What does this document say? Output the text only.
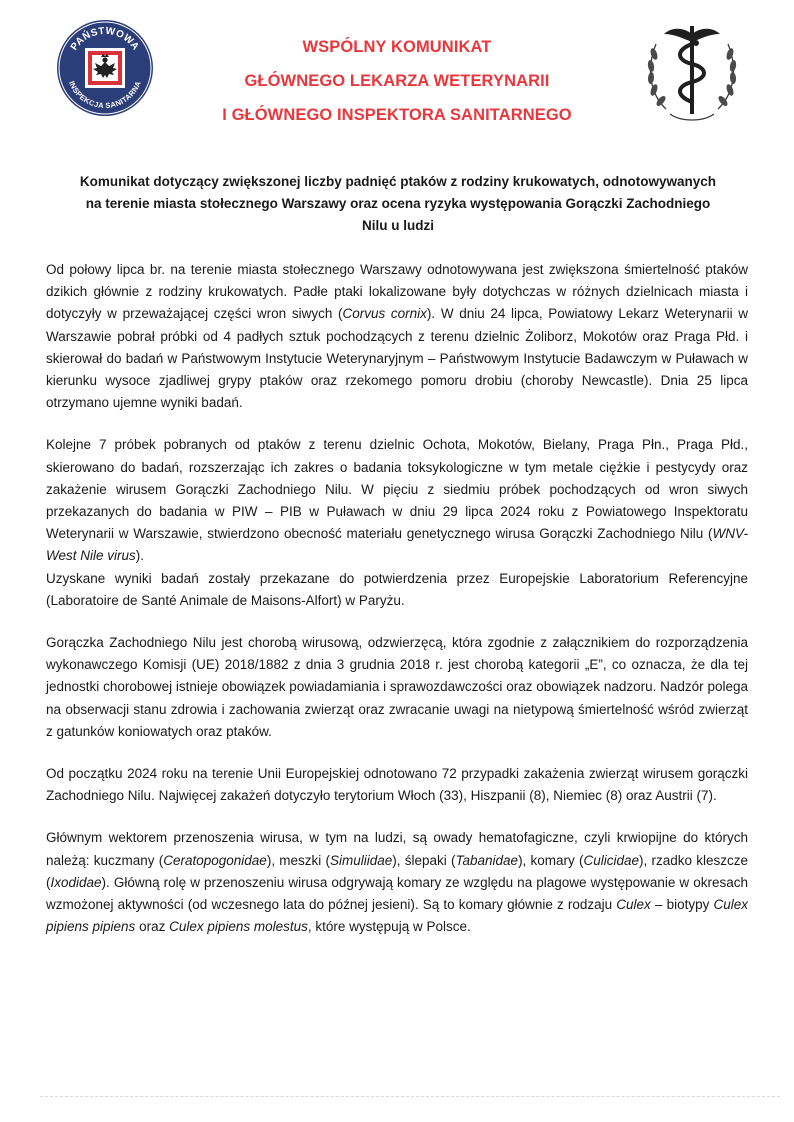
PAŃSTWOWA
INSPEKCJA SANITARNA
WSPÓLNY KOMUNIKAT
GŁÓWNEGO LEKARZA WETERYNARII
I GŁÓWNEGO INSPEKTORA SANITARNEGO
Komunikat dotyczący zwiększonej liczby padnięć ptaków z rodziny krukowatych, odnotowywanych
na terenie miasta stołecznego Warszawy oraz ocena ryzyka występowania Gorączki Zachodniego
Nilu u ludzi

Od połowy lipca br. na terenie miasta stołecznego Warszawy odnotowywana jest zwiększona śmiertelność ptaków dzikich głównie z rodziny krukowatych. Padłe ptaki lokalizowane były dotychczas w różnych dzielnicach miasta i dotyczyły w przeważającej części wron siwych (Corvus cornix). W dniu 24 lipca, Powiatowy Lekarz Weterynarii w Warszawie pobrał próbki od 4 padłych sztuk pochodzących z terenu dzielnic Żoliborz, Mokotów oraz Praga Płd. i skierował do badań w Państwowym Instytucie Weterynaryjnym – Państwowym Instytucie Badawczym w Puławach w kierunku wysoce zjadliwej grypy ptaków oraz rzekomego pomoru drobiu (choroby Newcastle). Dnia 25 lipca otrzymano ujemne wyniki badań.

Kolejne 7 próbek pobranych od ptaków z terenu dzielnic Ochota, Mokotów, Bielany, Praga Płn., Praga Płd., skierowano do badań, rozszerzając ich zakres o badania toksykologiczne w tym metale ciężkie i pestycydy oraz zakażenie wirusem Gorączki Zachodniego Nilu. W pięciu z siedmiu próbek pochodzących od wron siwych przekazanych do badania w PIW – PIB w Puławach w dniu 29 lipca 2024 roku z Powiatowego Inspektoratu Weterynarii w Warszawie, stwierdzono obecność materiału genetycznego wirusa Gorączki Zachodniego Nilu (WNV-West Nile virus).

Uzyskane wyniki badań zostały przekazane do potwierdzenia przez Europejskie Laboratorium Referencyjne (Laboratoire de Santé Animale de Maisons-Alfort) w Paryżu.

Gorączka Zachodniego Nilu jest chorobą wirusową, odzwierzęcą, która zgodnie z załącznikiem do rozporządzenia wykonawczego Komisji (UE) 2018/1882 z dnia 3 grudnia 2018 r. jest chorobą kategorii „E”, co oznacza, że dla tej jednostki chorobowej istnieje obowiązek powiadamiania i sprawozdawczości oraz obowiązek nadzoru. Nadzór polega na obserwacji stanu zdrowia i zachowania zwierząt oraz zwracanie uwagi na nietypową śmiertelność wśród zwierząt z gatunków koniowatych oraz ptaków.

Od początku 2024 roku na terenie Unii Europejskiej odnotowano 72 przypadki zakażenia zwierząt wirusem gorączki Zachodniego Nilu. Najwięcej zakażeń dotyczyło terytorium Włoch (33), Hiszpanii (8), Niemiec (8) oraz Austrii (7).

Głównym wektorem przenoszenia wirusa, w tym na ludzi, są owady hematofagiczne, czyli krwiopijne do których należą: kuczmany (Ceratopogonidae), meszki (Simuliidae), ślepaki (Tabanidae), komary (Culicidae), rzadko kleszcze (Ixodidae). Główną rolę w przenoszeniu wirusa odgrywają komary ze względu na plagowe występowanie w okresach wzmożonej aktywności (od wczesnego lata do późnej jesieni). Są to komary głównie z rodzaju Culex – biotypy Culex pipiens pipiens oraz Culex pipiens molestus, które występują w Polsce.
